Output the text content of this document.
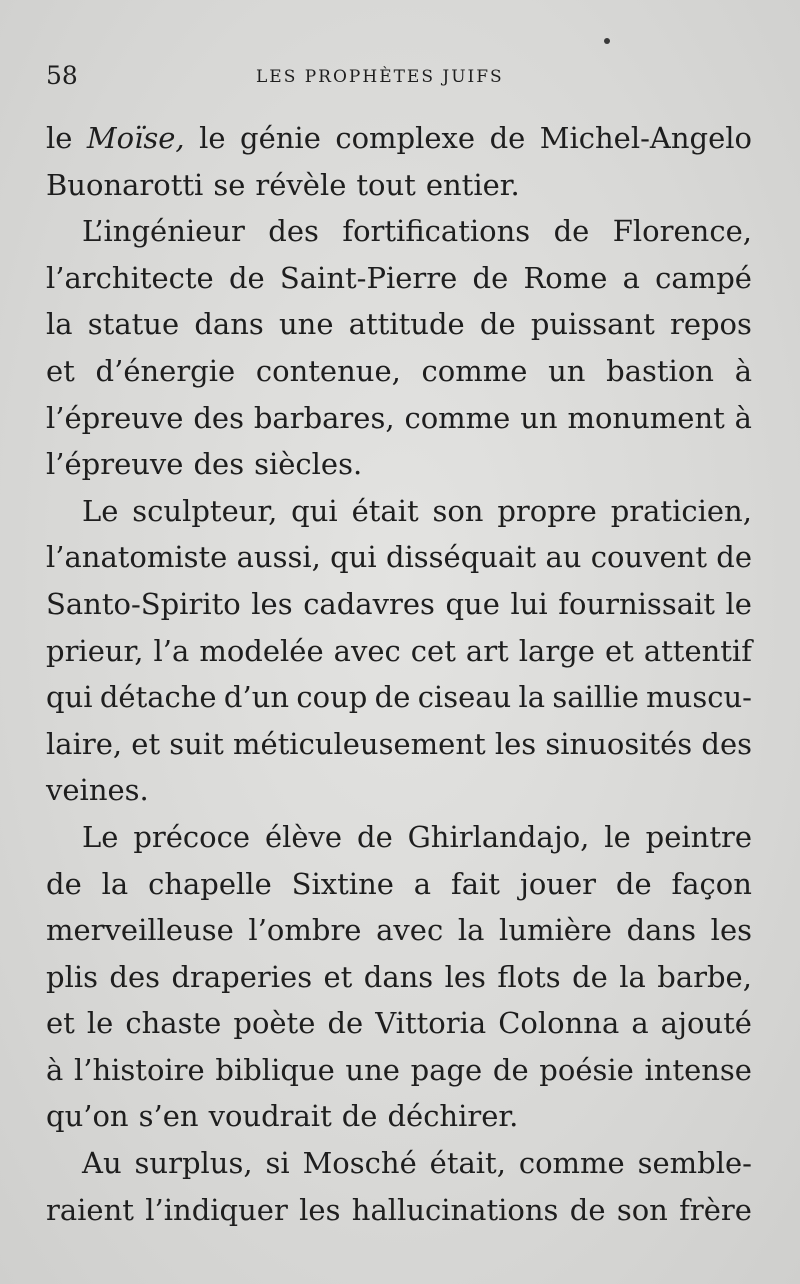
58	LES PROPHÈTES JUIFS
le Moïse, le génie complexe de Michel-Angelo
Buonarotti se révèle tout entier.
L’ingénieur des fortifications de Florence,
l’architecte de Saint-Pierre de Rome a campé
la statue dans une attitude de puissant repos
et d’énergie contenue, comme un bastion à
l’épreuve des barbares, comme un monument à
l’épreuve des siècles.
Le sculpteur, qui était son propre praticien,
l’anatomiste aussi, qui disséquait au couvent de
Santo-Spirito les cadavres que lui fournissait le
prieur, l’a modelée avec cet art large et attentif
qui détache d’un coup de ciseau la saillie muscu-
laire, et suit méticuleusement les sinuosités des
veines.
Le précoce élève de Ghirlandajo, le peintre
de la chapelle Sixtine a fait jouer de façon
merveilleuse l’ombre avec la lumière dans les
plis des draperies et dans les flots de la barbe,
et le chaste poète de Vittoria Colonna a ajouté
à l’histoire biblique une page de poésie intense
qu’on s’en voudrait de déchirer.
Au surplus, si Mosché était, comme semble-
raient l’indiquer les hallucinations de son frère
